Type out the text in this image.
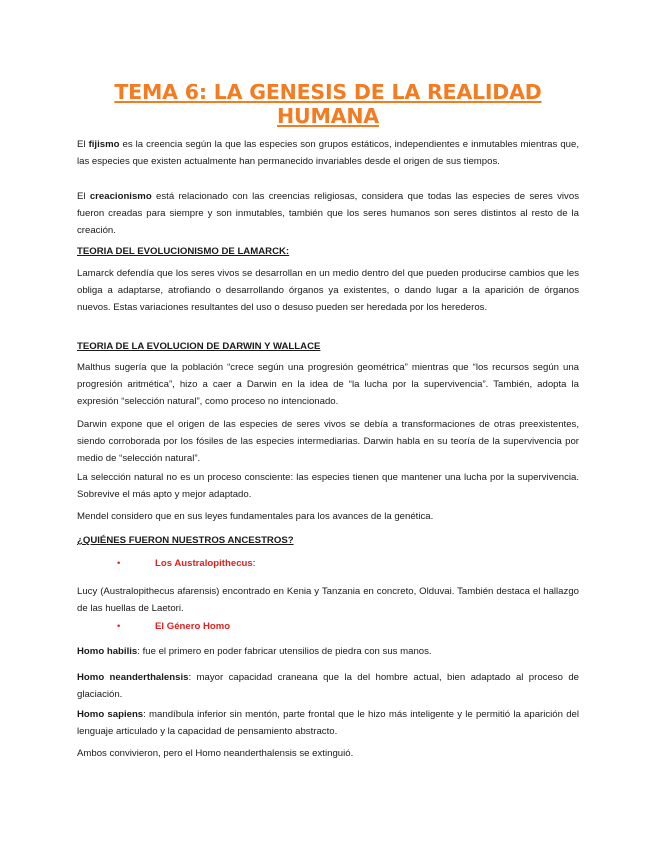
TEMA 6: LA GENESIS DE LA REALIDAD HUMANA

El fijismo es la creencia según la que las especies son grupos estáticos, independientes e inmutables mientras que, las especies que existen actualmente han permanecido invariables desde el origen de sus tiempos.

El creacionismo está relacionado con las creencias religiosas, considera que todas las especies de seres vivos fueron creadas para siempre y son inmutables, también que los seres humanos son seres distintos al resto de la creación.

TEORIA DEL EVOLUCIONISMO DE LAMARCK:

Lamarck defendía que los seres vivos se desarrollan en un medio dentro del que pueden producirse cambios que les obliga a adaptarse, atrofiando o desarrollando órganos ya existentes, o dando lugar a la aparición de órganos nuevos. Estas variaciones resultantes del uso o desuso pueden ser heredada por los herederos.

TEORIA DE LA EVOLUCION DE DARWIN Y WALLACE

Malthus sugería que la población “crece según una progresión geométrica” mientras que “los recursos según una progresión aritmética”, hizo a caer a Darwin en la idea de “la lucha por la supervivencia”. También, adopta la expresión “selección natural”, como proceso no intencionado.

Darwin expone que el origen de las especies de seres vivos se debía a transformaciones de otras preexistentes, siendo corroborada por los fósiles de las especies intermediarias. Darwin habla en su teoría de la supervivencia por medio de “selección natural”.

La selección natural no es un proceso consciente: las especies tienen que mantener una lucha por la supervivencia. Sobrevive el más apto y mejor adaptado.

Mendel considero que en sus leyes fundamentales para los avances de la genética.

¿QUIÉNES FUERON NUESTROS ANCESTROS?
•	Los Australopithecus:

Lucy (Australopithecus afarensis) encontrado en Kenia y Tanzania en concreto, Olduvai. También destaca el hallazgo de las huellas de Laetori.

•	El Género Homo

Homo habilis: fue el primero en poder fabricar utensilios de piedra con sus manos.

Homo neanderthalensis: mayor capacidad craneana que la del hombre actual, bien adaptado al proceso de glaciación.

Homo sapiens: mandíbula inferior sin mentón, parte frontal que le hizo más inteligente y le permitió la aparición del lenguaje articulado y la capacidad de pensamiento abstracto.

Ambos convivieron, pero el Homo neanderthalensis se extinguió.
